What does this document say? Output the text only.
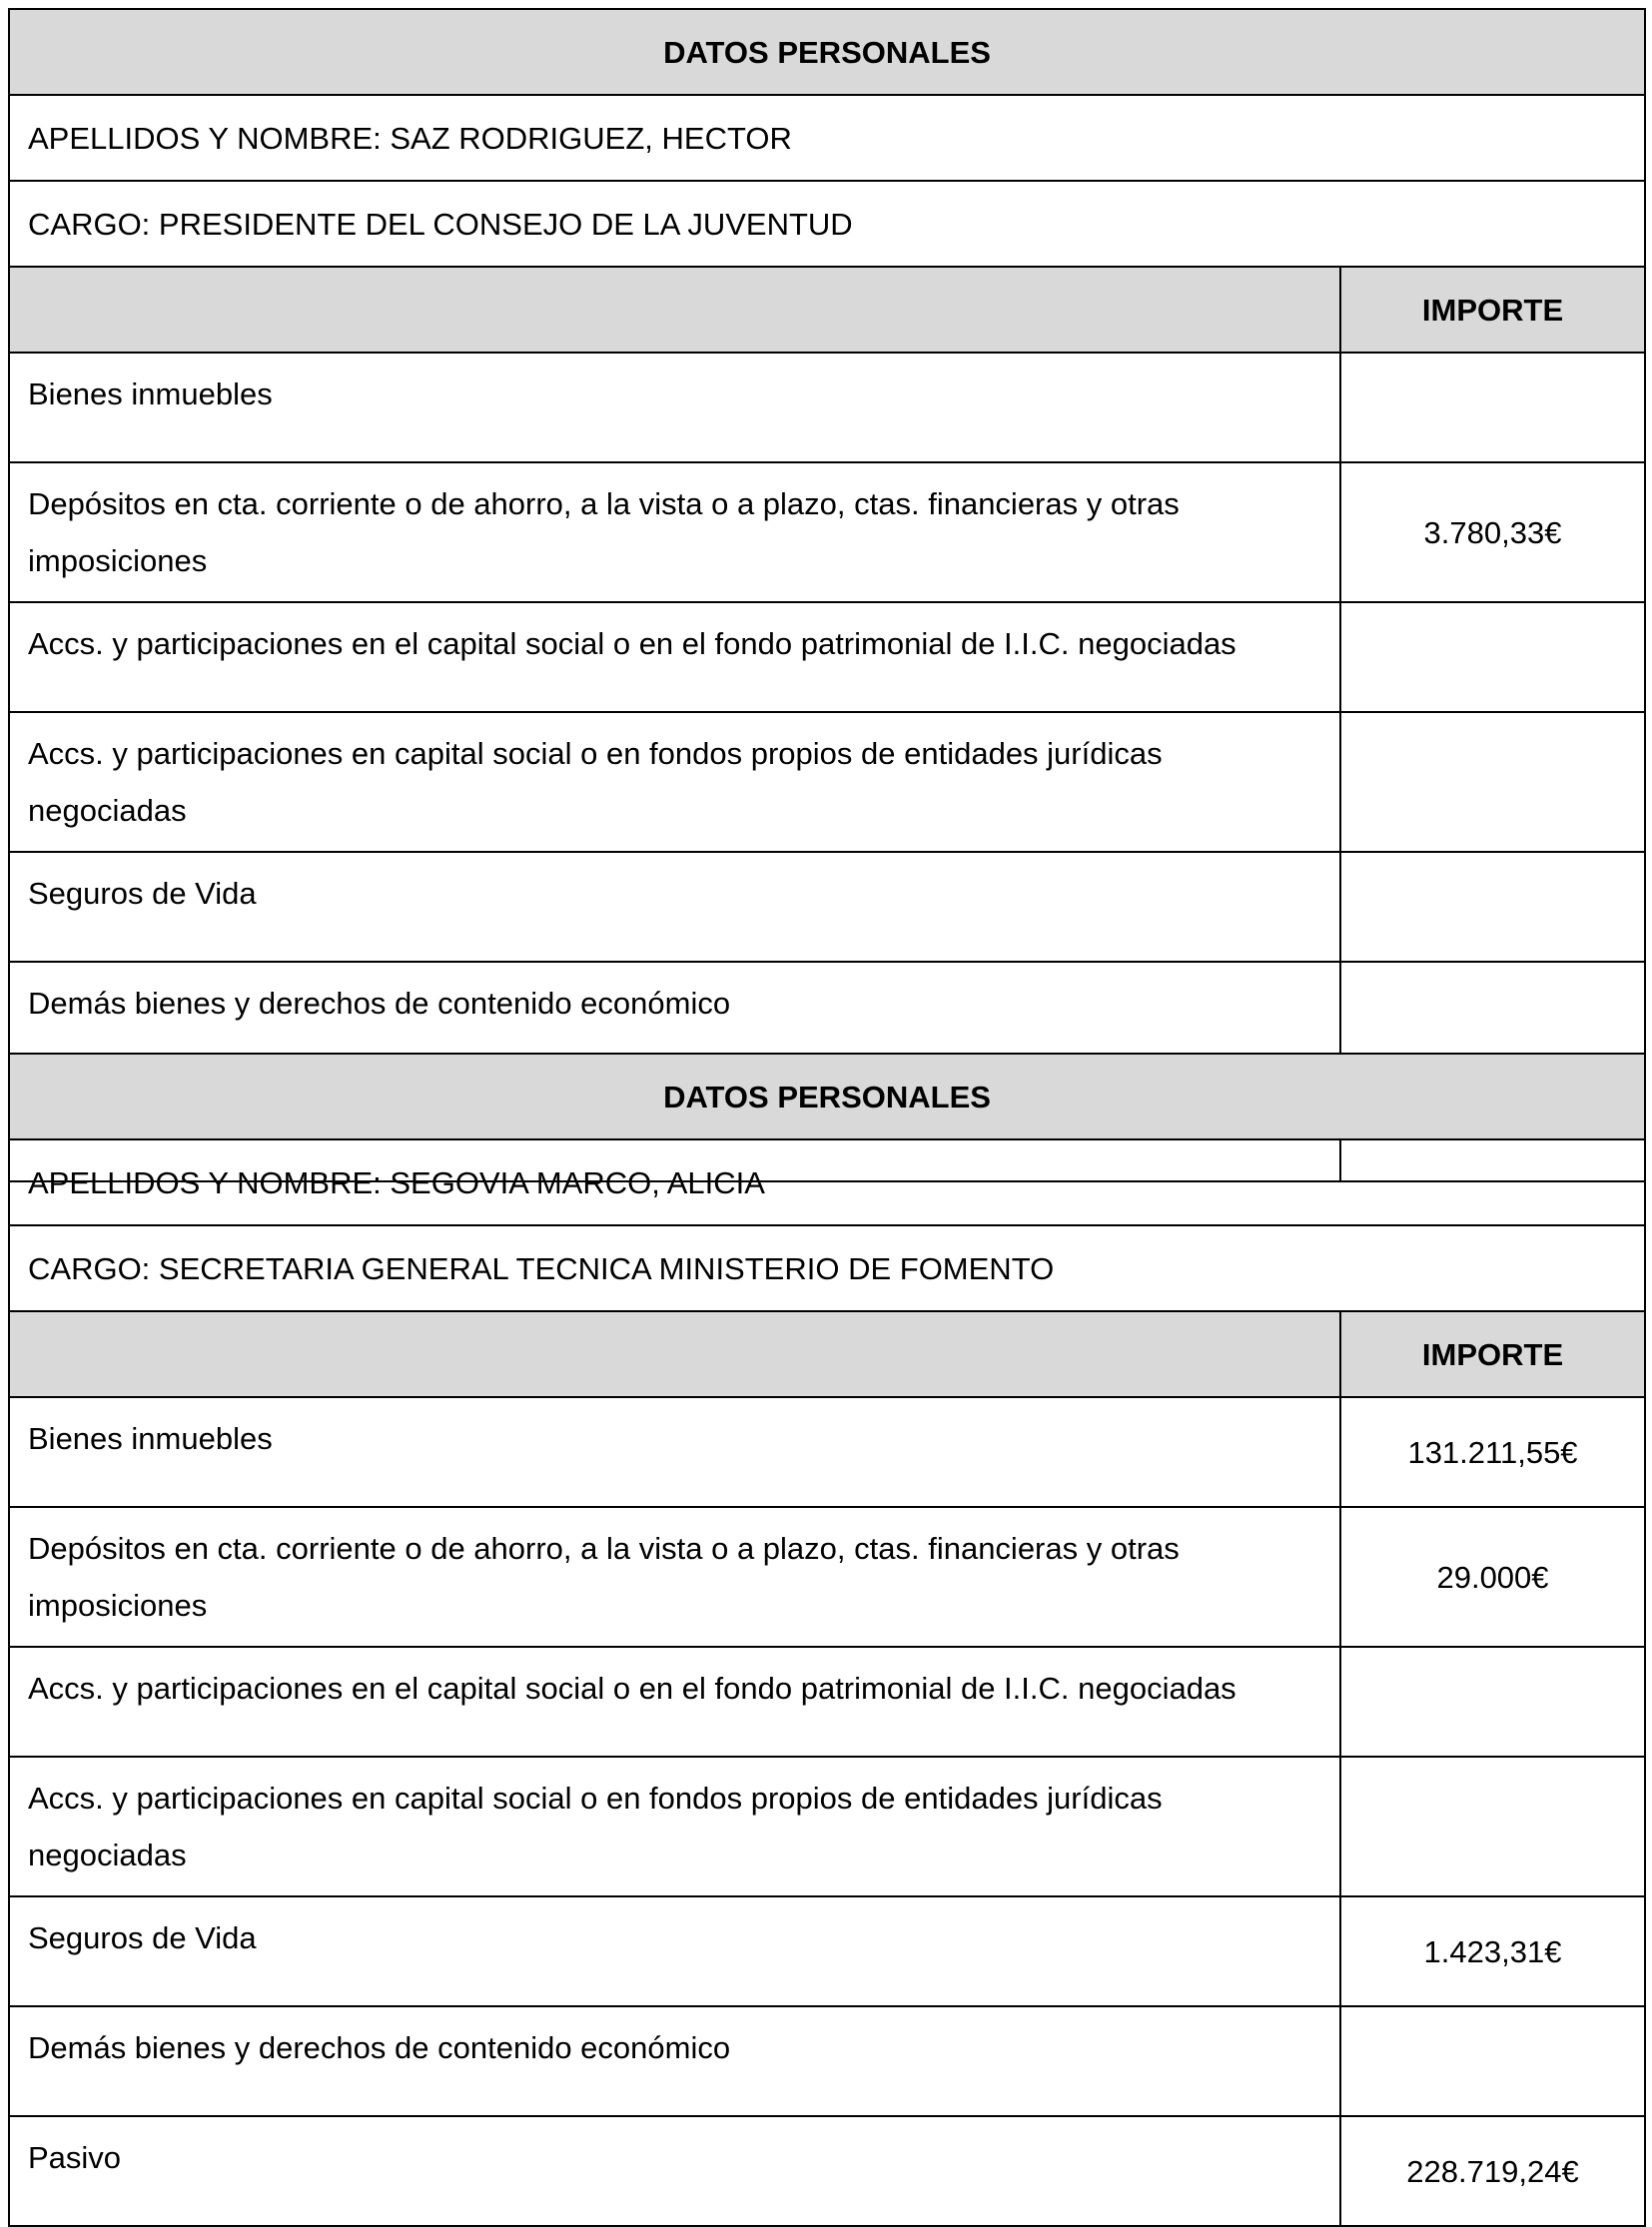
DATOS PERSONALES	
APELLIDOS Y NOMBRE: SAZ RODRIGUEZ, HECTOR	
CARGO: PRESIDENTE DEL CONSEJO DE LA JUVENTUD	
	IMPORTE
Bienes inmuebles	
Depósitos en cta. corriente o de ahorro, a la vista o a plazo, ctas. financieras y otras imposiciones	3.780,33€
Accs. y participaciones en el capital social o en el fondo patrimonial de I.I.C. negociadas	
Accs. y participaciones en capital social o en fondos propios de entidades jurídicas negociadas	
Seguros de Vida	
Demás bienes y derechos de contenido económico	

DATOS PERSONALES	
APELLIDOS Y NOMBRE: SEGOVIA MARCO, ALICIA	
CARGO: SECRETARIA GENERAL TECNICA MINISTERIO DE FOMENTO	
	IMPORTE
Bienes inmuebles	131.211,55€
Depósitos en cta. corriente o de ahorro, a la vista o a plazo, ctas. financieras y otras imposiciones	29.000€
Accs. y participaciones en el capital social o en el fondo patrimonial de I.I.C. negociadas	
Accs. y participaciones en capital social o en fondos propios de entidades jurídicas negociadas	
Seguros de Vida	1.423,31€
Demás bienes y derechos de contenido económico	
Pasivo	228.719,24€
